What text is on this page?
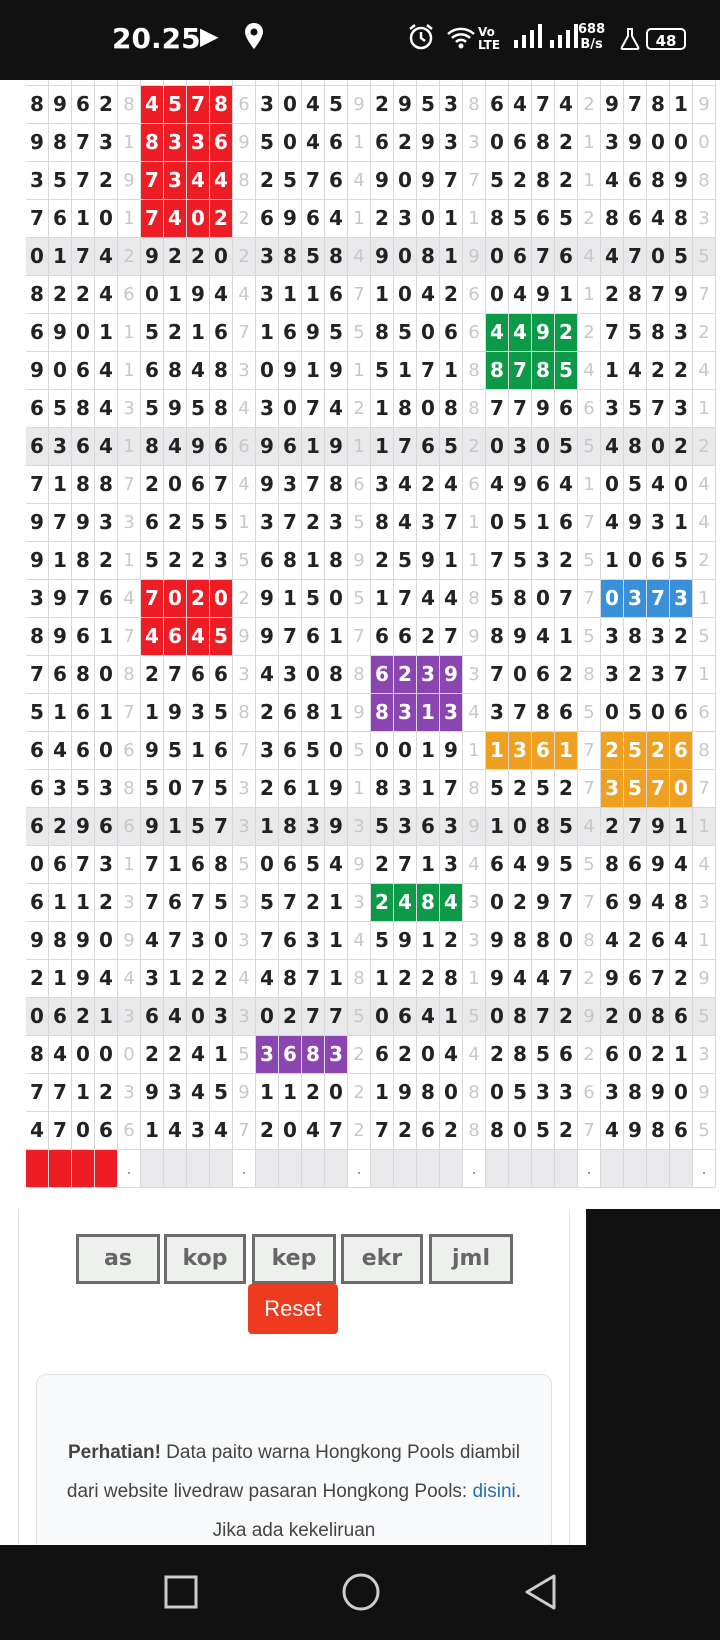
20.25 ▶	Vo
LTE
688
B/s	48
8 9 6 2 8 4 5 7 8 6 3 0 4 5 9 2 9 5 3 8 6 4 7 4 2 9 7 8 1 9
9 8 7 3 1 8 3 3 6 9 5 0 4 6 1 6 2 9 3 3 0 6 8 2 1 3 9 0 0 0
3 5 7 2 9 7 3 4 4 8 2 5 7 6 4 9 0 9 7 7 5 2 8 2 1 4 6 8 9 8
7 6 1 0 1 7 4 0 2 2 6 9 6 4 1 2 3 0 1 1 8 5 6 5 2 8 6 4 8 3
0 1 7 4 2 9 2 2 0 2 3 8 5 8 4 9 0 8 1 9 0 6 7 6 4 4 7 0 5 5
8 2 2 4 6 0 1 9 4 4 3 1 1 6 7 1 0 4 2 6 0 4 9 1 1 2 8 7 9 7
6 9 0 1 1 5 2 1 6 7 1 6 9 5 5 8 5 0 6 6 4 4 9 2 2 7 5 8 3 2
9 0 6 4 1 6 8 4 8 3 0 9 1 9 1 5 1 7 1 8 8 7 8 5 4 1 4 2 2 4
6 5 8 4 3 5 9 5 8 4 3 0 7 4 2 1 8 0 8 8 7 7 9 6 6 3 5 7 3 1
6 3 6 4 1 8 4 9 6 6 9 6 1 9 1 1 7 6 5 2 0 3 0 5 5 4 8 0 2 2
7 1 8 8 7 2 0 6 7 4 9 3 7 8 6 3 4 2 4 6 4 9 6 4 1 0 5 4 0 4
9 7 9 3 3 6 2 5 5 1 3 7 2 3 5 8 4 3 7 1 0 5 1 6 7 4 9 3 1 4
9 1 8 2 1 5 2 2 3 5 6 8 1 8 9 2 5 9 1 1 7 5 3 2 5 1 0 6 5 2
3 9 7 6 4 7 0 2 0 2 9 1 5 0 5 1 7 4 4 8 5 8 0 7 7 0 3 7 3 1
8 9 6 1 7 4 6 4 5 9 9 7 6 1 7 6 6 2 7 9 8 9 4 1 5 3 8 3 2 5
7 6 8 0 8 2 7 6 6 3 4 3 0 8 8 6 2 3 9 3 7 0 6 2 8 3 2 3 7 1
5 1 6 1 7 1 9 3 5 8 2 6 8 1 9 8 3 1 3 4 3 7 8 6 5 0 5 0 6 6
6 4 6 0 6 9 5 1 6 7 3 6 5 0 5 0 0 1 9 1 1 3 6 1 7 2 5 2 6 8
6 3 5 3 8 5 0 7 5 3 2 6 1 9 1 8 3 1 7 8 5 2 5 2 7 3 5 7 0 7
6 2 9 6 6 9 1 5 7 3 1 8 3 9 3 5 3 6 3 9 1 0 8 5 4 2 7 9 1 1
0 6 7 3 1 7 1 6 8 5 0 6 5 4 9 2 7 1 3 4 6 4 9 5 5 8 6 9 4 4
6 1 1 2 3 7 6 7 5 3 5 7 2 1 3 2 4 8 4 3 0 2 9 7 7 6 9 4 8 3
9 8 9 0 9 4 7 3 0 3 7 6 3 1 4 5 9 1 2 3 9 8 8 0 8 4 2 6 4 1
2 1 9 4 4 3 1 2 2 4 4 8 7 1 8 1 2 2 8 1 9 4 4 7 2 9 6 7 2 9
0 6 2 1 3 6 4 0 3 3 0 2 7 7 5 0 6 4 1 5 0 8 7 2 9 2 0 8 6 5
8 4 0 0 0 2 2 4 1 5 3 6 8 3 2 6 2 0 4 4 2 8 5 6 2 6 0 2 1 3
7 7 1 2 3 9 3 4 5 9 1 1 2 0 2 1 9 8 0 8 0 5 3 3 6 3 8 9 0 9
4 7 0 6 6 1 4 3 4 7 2 0 4 7 2 7 2 6 2 8 8 0 5 2 7 4 9 8 6 5
.	.	.	.	.	.
as	kop	kep	ekr	jml
Reset
Perhatian! Data paito warna Hongkong Pools diambil dari website livedraw pasaran Hongkong Pools: disini. Jika ada kekeliruan
